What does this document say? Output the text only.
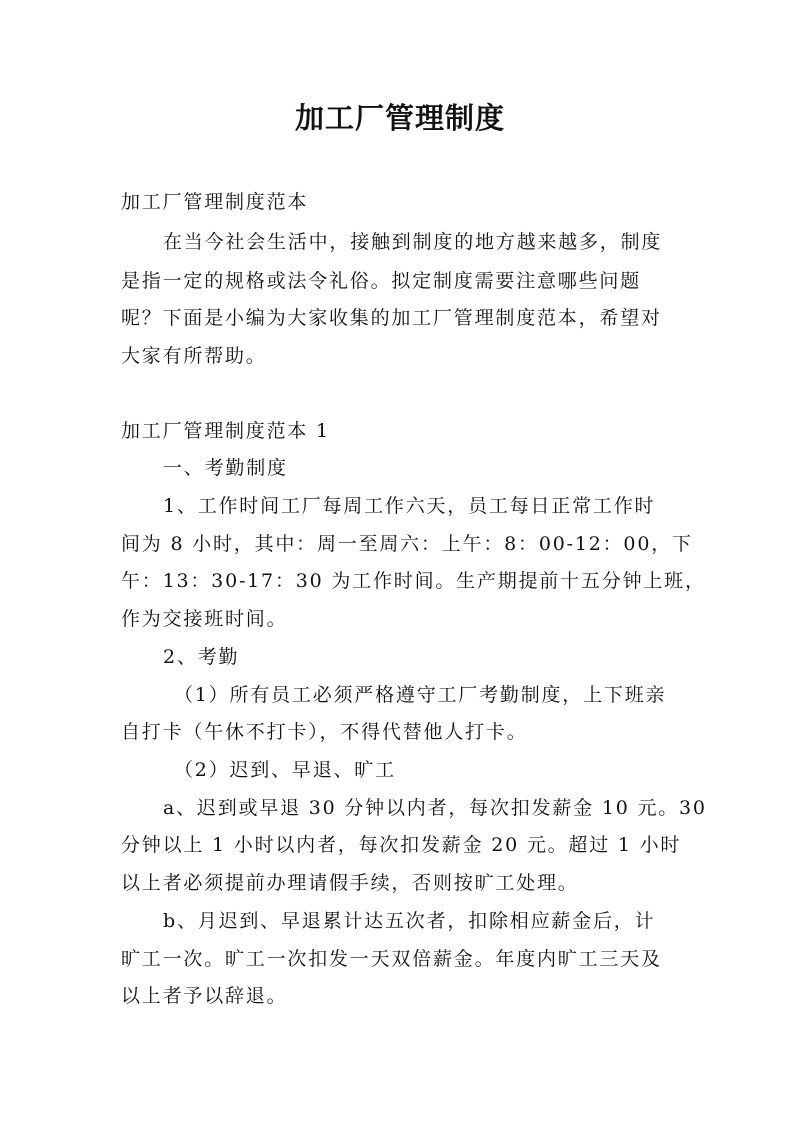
加工厂管理制度

加工厂管理制度范本

在当今社会生活中，接触到制度的地方越来越多，制度

是指一定的规格或法令礼俗。拟定制度需要注意哪些问题

呢？下面是小编为大家收集的加工厂管理制度范本，希望对

大家有所帮助。

加工厂管理制度范本 1

一、考勤制度

1、工作时间工厂每周工作六天，员工每日正常工作时

间为 8 小时，其中：周一至周六：上午：8：00-12：00，下

午：13：30-17：30 为工作时间。生产期提前十五分钟上班，

作为交接班时间。

2、考勤

（1）所有员工必须严格遵守工厂考勤制度，上下班亲

自打卡（午休不打卡），不得代替他人打卡。

（2）迟到、早退、旷工

a、迟到或早退 30 分钟以内者，每次扣发薪金 10 元。30

分钟以上 1 小时以内者，每次扣发薪金 20 元。超过 1 小时

以上者必须提前办理请假手续，否则按旷工处理。

b、月迟到、早退累计达五次者，扣除相应薪金后，计

旷工一次。旷工一次扣发一天双倍薪金。年度内旷工三天及

以上者予以辞退。
